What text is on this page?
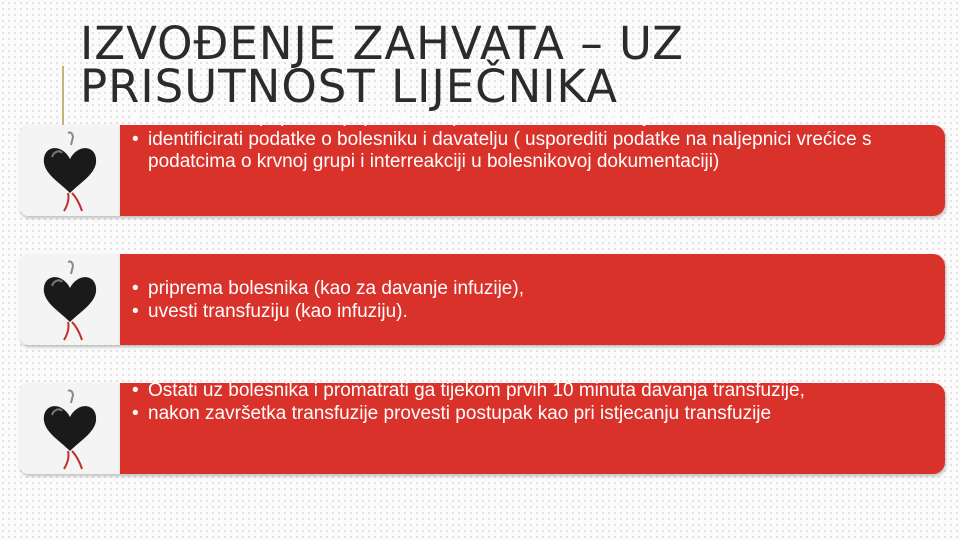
IZVOĐENJE ZAHVATA – UZ PRISUTNOST LIJEČNIKA
• Pribor i krvni pripravak pripremiti na poslužavnik i tako donijeti u bolesničku sobu,
• identificirati podatke o bolesniku i davatelju ( usporediti podatke na naljepnici vrećice s podatcima o krvnoj grupi i interreakciji u bolesnikovoj dokumentaciji)
• priprema bolesnika (kao za davanje infuzije),
• uvesti transfuziju (kao infuziju).
• Ostati uz bolesnika i promatrati ga tijekom prvih 10 minuta davanja transfuzije,
• nakon završetka transfuzije provesti postupak kao pri istjecanju transfuzije
